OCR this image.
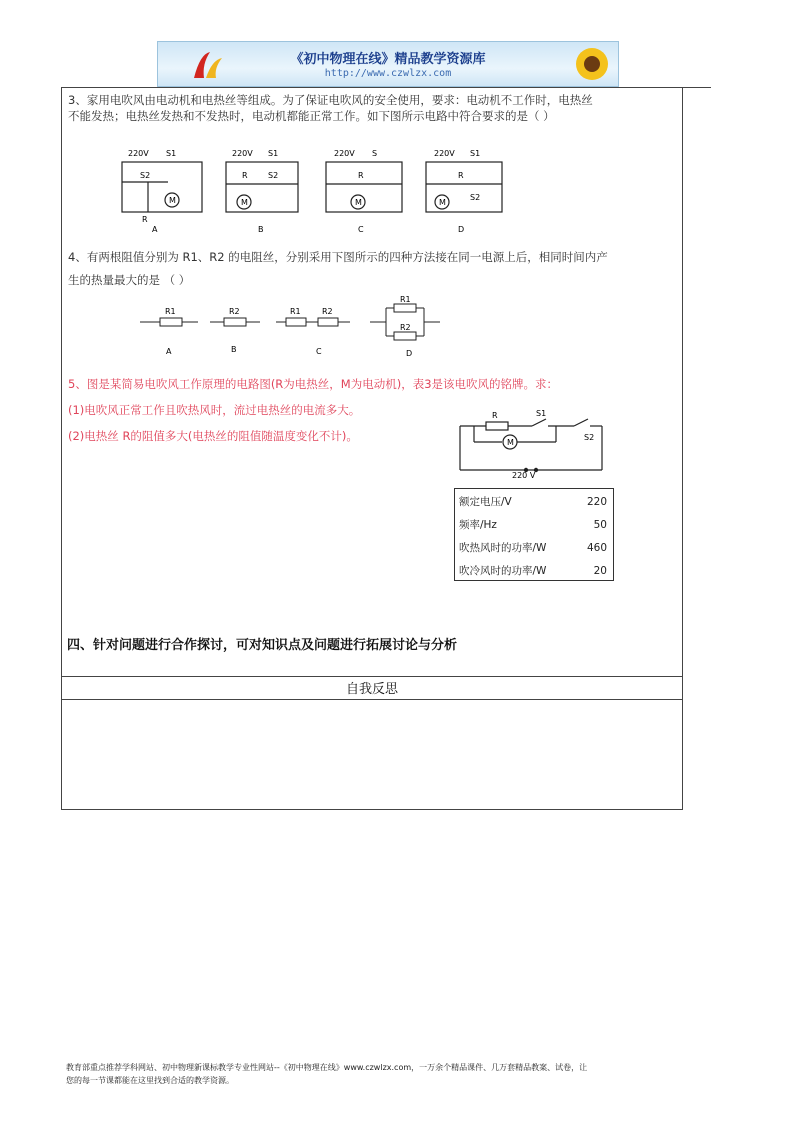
《初中物理在线》精品教学资源库
http://www.czwlzx.com
3、家用电吹风由电动机和电热丝等组成。为了保证电吹风的安全使用，要求：电动机不工作时，电热丝
不能发热；电热丝发热和不发热时，电动机都能正常工作。如下图所示电路中符合要求的是（ ）
220V S1
S2
R
M
A
220V S1
R	S2
M
B
220V S
R
M
C
220V S1
R
S2
M
D
4、有两根阻值分别为 R1、R2 的电阻丝，分别采用下图所示的四种方法接在同一电源上后，相同时间内产
生的热量最大的是 （ ）
R1
A
R2
B
R1	R2
C
R1
R2
D
5、图是某简易电吹风工作原理的电路图(R为电热丝，M为电动机)，表3是该电吹风的铭牌。求：
(1)电吹风正常工作且吹热风时，流过电热丝的电流多大。
(2)电热丝 R的阻值多大(电热丝的阻值随温度变化不计)。
R
M
S1
S2
220 V
额定电压/V	220
频率/Hz	50
吹热风时的功率/W	460
吹冷风时的功率/W	20
四、针对问题进行合作探讨，可对知识点及问题进行拓展讨论与分析
自我反思
教育部重点推荐学科网站、初中物理新课标教学专业性网站--《初中物理在线》www.czwlzx.com，一万余个精品课件、几万套精品教案、试卷，让
您的每一节课都能在这里找到合适的教学资源。
